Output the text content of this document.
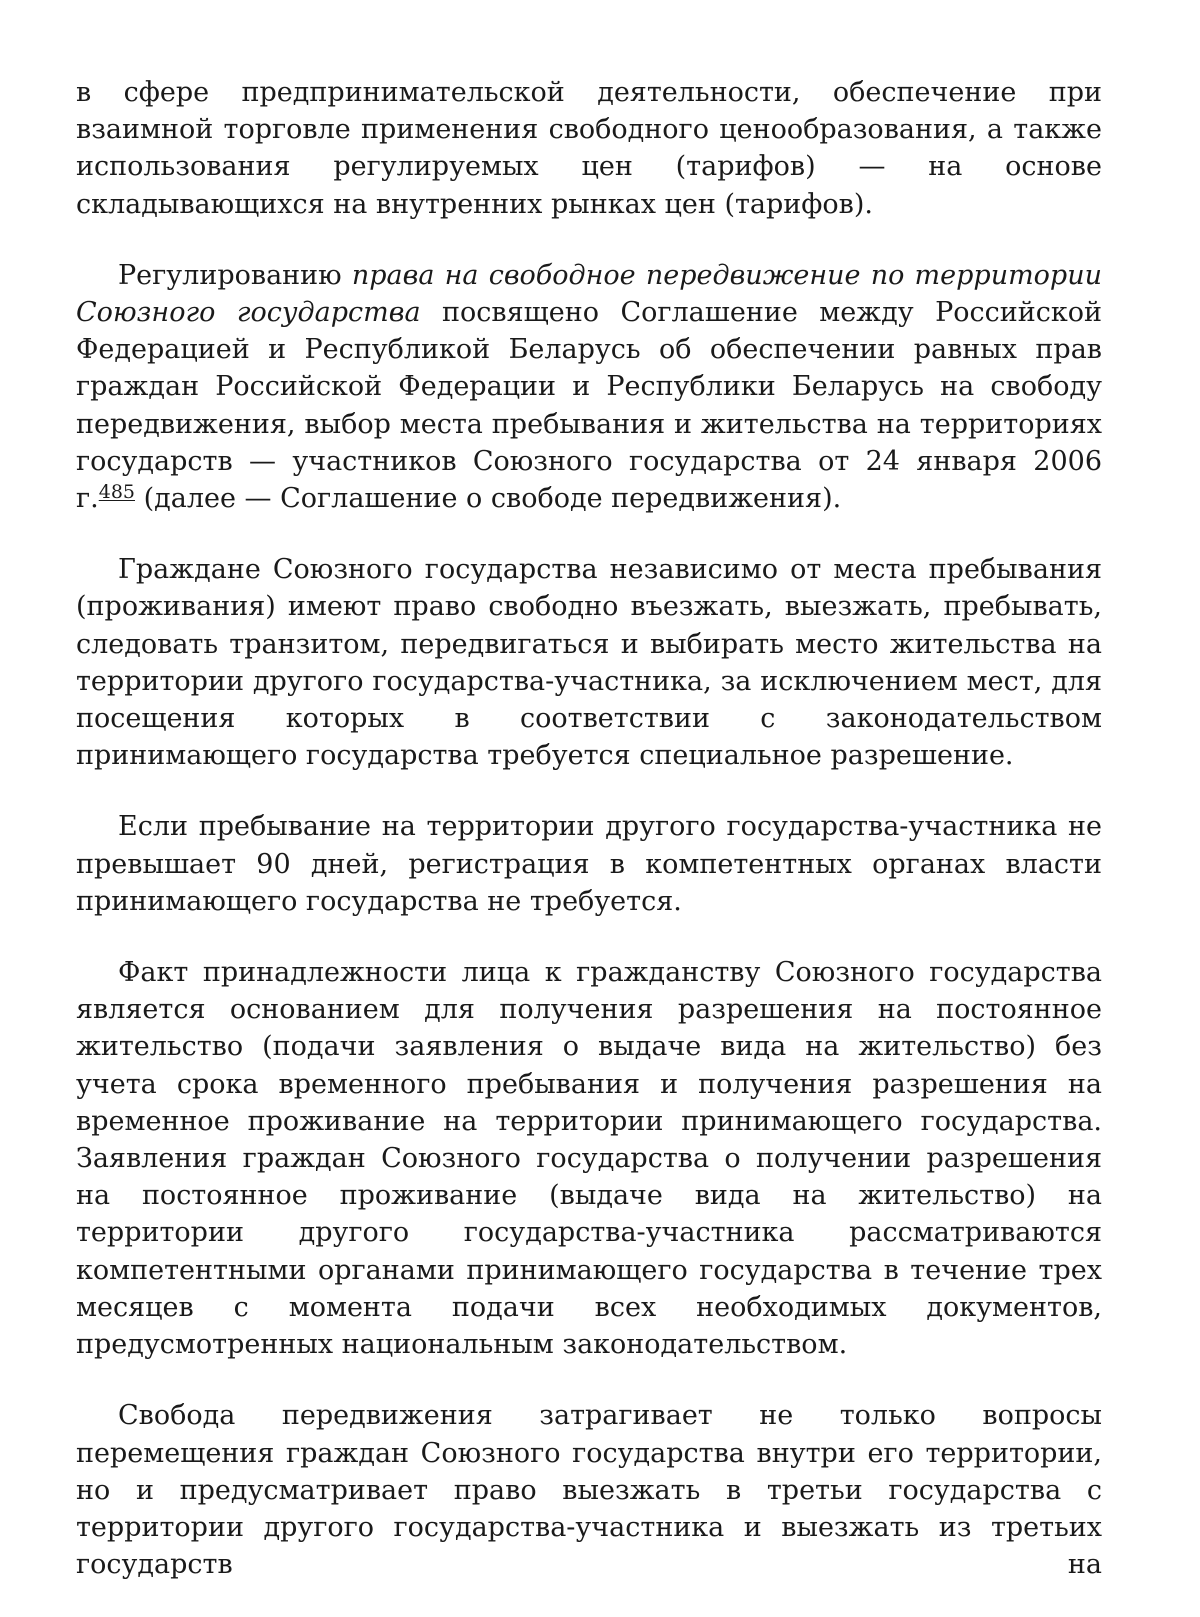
в сфере предпринимательской деятельности, обеспечение при взаимной торговле применения свободного ценообразования, а также использования регулируемых цен (тарифов) — на основе складывающихся на внутренних рынках цен (тарифов).

Регулированию права на свободное передвижение по территории Союзного государства посвящено Соглашение между Российской Федерацией и Республикой Беларусь об обеспечении равных прав граждан Российской Федерации и Республики Беларусь на свободу передвижения, выбор места пребывания и жительства на территориях государств — участников Союзного государства от 24 января 2006 г.$^{485}$ (далее — Соглашение о свободе передвижения).

Граждане Союзного государства независимо от места пребывания (проживания) имеют право свободно въезжать, выезжать, пребывать, следовать транзитом, передвигаться и выбирать место жительства на территории другого государства-участника, за исключением мест, для посещения которых в соответствии с законодательством принимающего государства требуется специальное разрешение.

Если пребывание на территории другого государства-участника не превышает 90 дней, регистрация в компетентных органах власти принимающего государства не требуется.

Факт принадлежности лица к гражданству Союзного государства является основанием для получения разрешения на постоянное жительство (подачи заявления о выдаче вида на жительство) без учета срока временного пребывания и получения разрешения на временное проживание на территории принимающего государства. Заявления граждан Союзного государства о получении разрешения на постоянное проживание (выдаче вида на жительство) на территории другого государства-участника рассматриваются компетентными органами принимающего государства в течение трех месяцев с момента подачи всех необходимых документов, предусмотренных национальным законодательством.

Свобода передвижения затрагивает не только вопросы перемещения граждан Союзного государства внутри его территории, но и предусматривает право выезжать в третьи государства с территории другого государства-участника и выезжать из третьих государств на
